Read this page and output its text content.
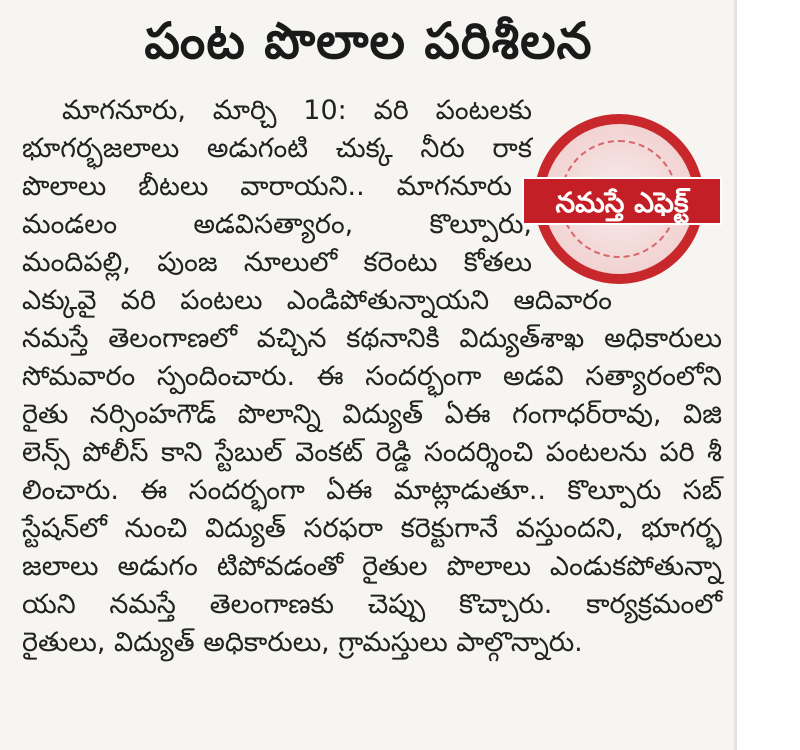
పంట పొలాల పరిశీలన
నమస్తే ఎఫెక్ట్
మాగనూరు, మార్చి 10: వరి పంటలకు
భూగర్భజలాలు అడుగంటి చుక్క నీరు రాక
పొలాలు బీటలు వారాయని.. మాగనూరు
మండలం అడవిసత్యారం, కొల్పూరు,
మందిపల్లి, పుంజ నూలులో కరెంటు కోతలు
ఎక్కువై వరి పంటలు ఎండిపోతున్నాయని ఆదివారం
నమస్తే తెలంగాణలో వచ్చిన కథనానికి విద్యుత్‌శాఖ అధికారులు
సోమవారం స్పందించారు. ఈ సందర్భంగా అడవి సత్యారంలోని
రైతు నర్సింహగౌడ్ పొలాన్ని విద్యుత్ ఏఈ గంగాధర్‌రావు, విజి
లెన్స్ పోలీస్ కాని స్టేబుల్ వెంకట్ రెడ్డి సందర్శించి పంటలను పరి శీ
లించారు. ఈ సందర్భంగా ఏఈ మాట్లాడుతూ.. కొల్పూరు సబ్
స్టేషన్‌లో నుంచి విద్యుత్ సరఫరా కరెక్టుగానే వస్తుందని, భూగర్భ
జలాలు అడుగం టిపోవడంతో రైతుల పొలాలు ఎండుకపోతున్నా
యని నమస్తే తెలంగాణకు చెప్పు కొచ్చారు. కార్యక్రమంలో
రైతులు, విద్యుత్ అధికారులు, గ్రామస్తులు పాల్గొన్నారు.
